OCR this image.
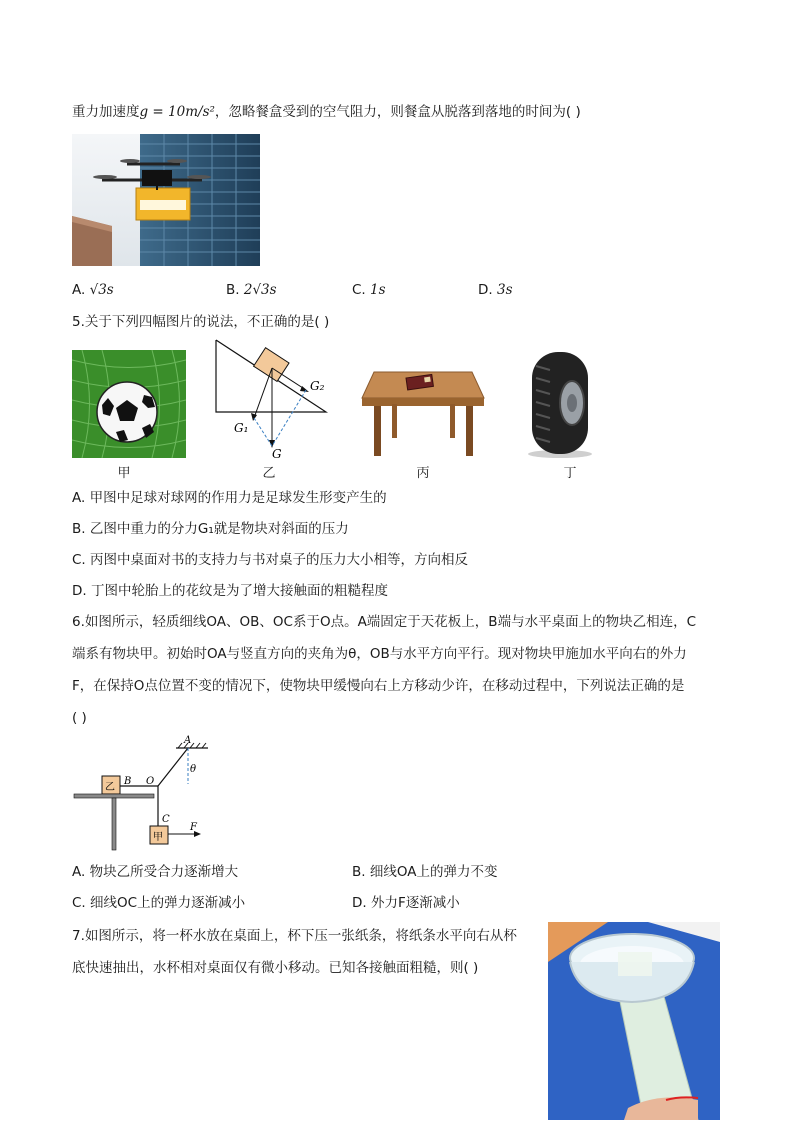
重力加速度g = 10m/s²，忽略餐盒受到的空气阻力，则餐盒从脱落到落地的时间为( )
A. √3s	B. 2√3s	C. 1s	D. 3s
5.关于下列四幅图片的说法，不正确的是( )
G₁
G₂
G
甲	乙	丙	丁
A. 甲图中足球对球网的作用力是足球发生形变产生的
B. 乙图中重力的分力G₁就是物块对斜面的压力
C. 丙图中桌面对书的支持力与书对桌子的压力大小相等，方向相反
D. 丁图中轮胎上的花纹是为了增大接触面的粗糙程度
6.如图所示，轻质细线OA、OB、OC系于O点。A端固定于天花板上，B端与水平桌面上的物块乙相连，C
端系有物块甲。初始时OA与竖直方向的夹角为θ，OB与水平方向平行。现对物块甲施加水平向右的外力
F，在保持O点位置不变的情况下，使物块甲缓慢向右上方移动少许，在移动过程中，下列说法正确的是
( )
A
θ
O
B
乙
C
甲
F
A. 物块乙所受合力逐渐增大	B. 细线OA上的弹力不变
C. 细线OC上的弹力逐渐减小	D. 外力F逐渐减小
7.如图所示，将一杯水放在桌面上，杯下压一张纸条，将纸条水平向右从杯
底快速抽出，水杯相对桌面仅有微小移动。已知各接触面粗糙，则( )
